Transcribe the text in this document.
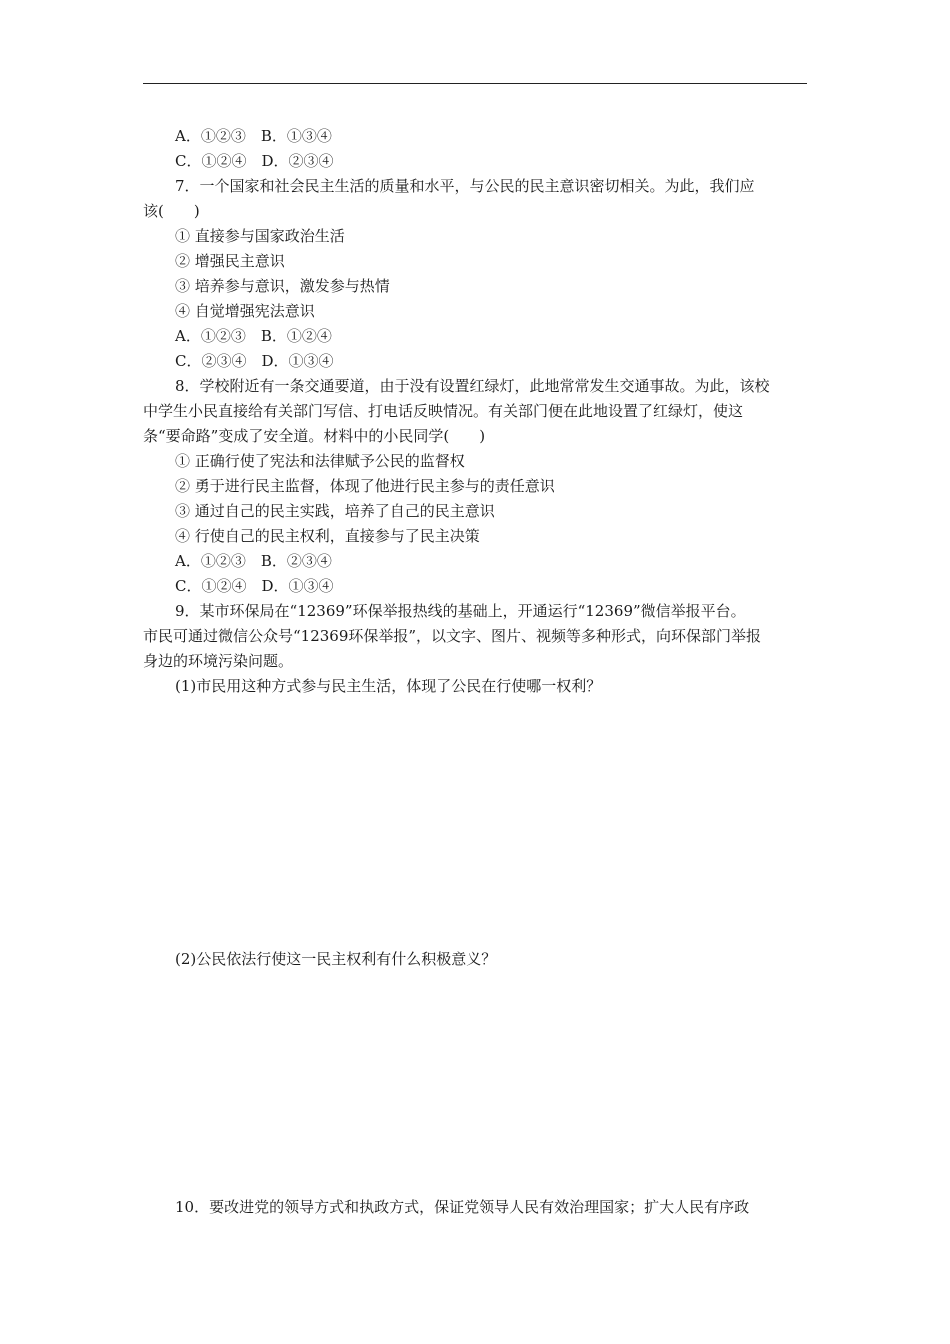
A．①②③　B．①③④
C．①②④　D．②③④
7．一个国家和社会民主生活的质量和水平，与公民的民主意识密切相关。为此，我们应
该(　　)
① 直接参与国家政治生活
② 增强民主意识
③ 培养参与意识，激发参与热情
④ 自觉增强宪法意识
A．①②③　B．①②④
C．②③④　D．①③④
8．学校附近有一条交通要道，由于没有设置红绿灯，此地常常发生交通事故。为此，该校
中学生小民直接给有关部门写信、打电话反映情况。有关部门便在此地设置了红绿灯，使这
条“要命路”变成了安全道。材料中的小民同学(　　)
① 正确行使了宪法和法律赋予公民的监督权
② 勇于进行民主监督，体现了他进行民主参与的责任意识
③ 通过自己的民主实践，培养了自己的民主意识
④ 行使自己的民主权利，直接参与了民主决策
A．①②③　B．②③④
C．①②④　D．①③④
9．某市环保局在“12369”环保举报热线的基础上，开通运行“12369”微信举报平台。
市民可通过微信公众号“12369环保举报”，以文字、图片、视频等多种形式，向环保部门举报
身边的环境污染问题。
(1)市民用这种方式参与民主生活，体现了公民在行使哪一权利？
(2)公民依法行使这一民主权利有什么积极意义？
10．要改进党的领导方式和执政方式，保证党领导人民有效治理国家；扩大人民有序政
